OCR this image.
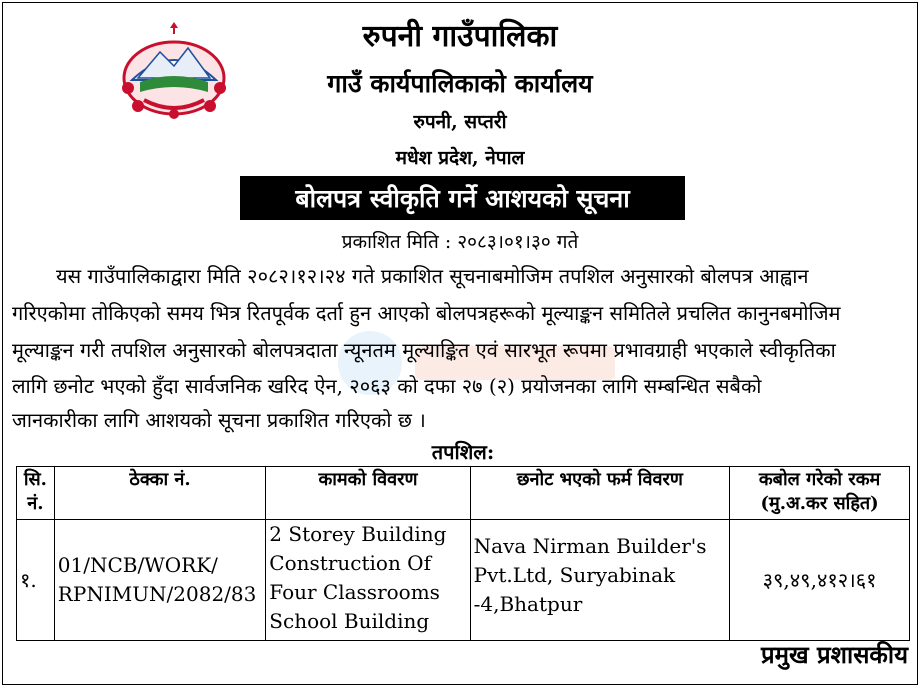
रुपनी गाउँपालिका
गाउँ कार्यपालिकाको कार्यालय
रुपनी, सप्तरी
मधेश प्रदेश, नेपाल
बोलपत्र स्वीकृति गर्ने आशयको सूचना
प्रकाशित मिति : २०८३।०१।३० गते
यस गाउँपालिकाद्वारा मिति २०८२।१२।२४ गते प्रकाशित सूचनाबमोजिम तपशिल अनुसारको बोलपत्र आह्वान
गरिएकोमा तोकिएको समय भित्र रितपूर्वक दर्ता हुन आएको बोलपत्रहरूको मूल्याङ्कन समितिले प्रचलित कानुनबमोजिम
मूल्याङ्कन गरी तपशिल अनुसारको बोलपत्रदाता न्यूनतम मूल्याङ्कित एवं सारभूत रूपमा प्रभावग्राही भएकाले स्वीकृतिका
लागि छनोट भएको हुँदा सार्वजनिक खरिद ऐन, २०६३ को दफा २७ (२) प्रयोजनका लागि सम्बन्धित सबैको
जानकारीका लागि आशयको सूचना प्रकाशित गरिएको छ ।
तपशिल:
सि. नं.	ठेक्का नं.	कामको विवरण	छनोट भएको फर्म विवरण	कबोल गरेको रकम (मु.अ.कर सहित)
१.	01/NCB/WORK/ RPNIMUN/2082/83	2 Storey Building Construction Of Four Classrooms School Building	Nava Nirman Builder's Pvt.Ltd, Suryabinak -4,Bhatpur	३९,४९,४१२।६१
प्रमुख प्रशासकीय
